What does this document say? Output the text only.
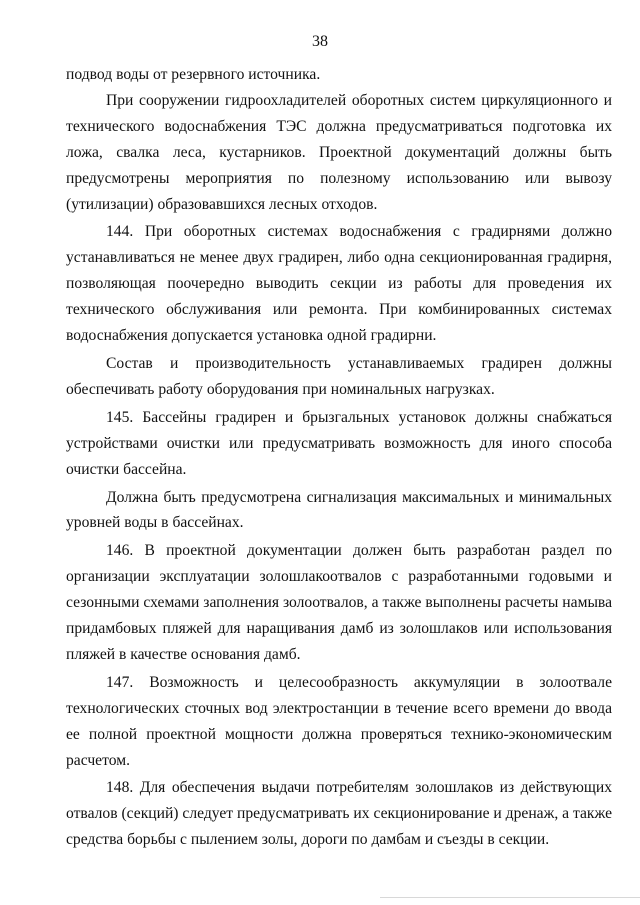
38

подвод воды от резервного источника.

При сооружении гидроохладителей оборотных систем циркуляционного и технического водоснабжения ТЭС должна предусматриваться подготовка их ложа, свалка леса, кустарников. Проектной документаций должны быть предусмотрены мероприятия по полезному использованию или вывозу (утилизации) образовавшихся лесных отходов.

144. При оборотных системах водоснабжения с градирнями должно устанавливаться не менее двух градирен, либо одна секционированная градирня, позволяющая поочередно выводить секции из работы для проведения их технического обслуживания или ремонта. При комбинированных системах водоснабжения допускается установка одной градирни.

Состав и производительность устанавливаемых градирен должны обеспечивать работу оборудования при номинальных нагрузках.

145. Бассейны градирен и брызгальных установок должны снабжаться устройствами очистки или предусматривать возможность для иного способа очистки бассейна.

Должна быть предусмотрена сигнализация максимальных и минимальных уровней воды в бассейнах.

146. В проектной документации должен быть разработан раздел по организации эксплуатации золошлакоотвалов с разработанными годовыми и сезонными схемами заполнения золоотвалов, а также выполнены расчеты намыва придамбовых пляжей для наращивания дамб из золошлаков или использования пляжей в качестве основания дамб.

147. Возможность и целесообразность аккумуляции в золоотвале технологических сточных вод электростанции в течение всего времени до ввода ее полной проектной мощности должна проверяться технико-экономическим расчетом.

148. Для обеспечения выдачи потребителям золошлаков из действующих отвалов (секций) следует предусматривать их секционирование и дренаж, а также средства борьбы с пылением золы, дороги по дамбам и съезды в секции.
